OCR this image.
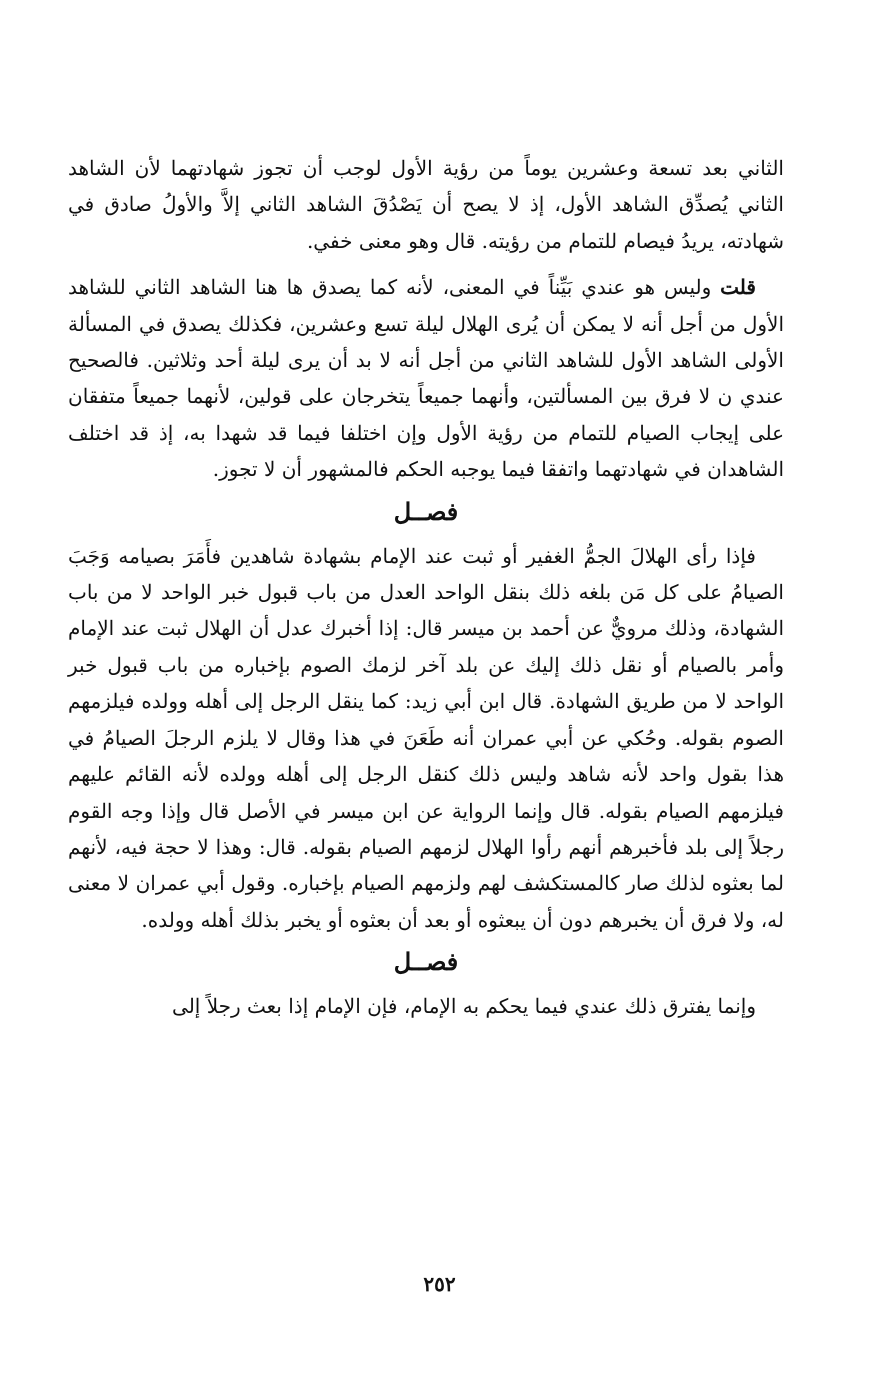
الثاني بعد تسعة وعشرين يوماً من رؤية الأول لوجب أن تجوز شهادتهما لأن الشاهد الثاني يُصدِّق الشاهد الأول، إذ لا يصح أن يَصْدُقَ الشاهد الثاني إلاَّ والأولُ صادق في شهادته، يريدُ فيصام للتمام من رؤيته. قال وهو معنى خفي.

قلت وليس هو عندي بَيِّناً في المعنى، لأنه كما يصدق ها هنا الشاهد الثاني للشاهد الأول من أجل أنه لا يمكن أن يُرى الهلال ليلة تسع وعشرين، فكذلك يصدق في المسألة الأولى الشاهد الأول للشاهد الثاني من أجل أنه لا بد أن يرى ليلة أحد وثلاثين. فالصحيح عندي ن لا فرق بين المسألتين، وأنهما جميعاً يتخرجان على قولين، لأنهما جميعاً متفقان على إيجاب الصيام للتمام من رؤية الأول وإن اختلفا فيما قد شهدا به، إذ قد اختلف الشاهدان في شهادتهما واتفقا فيما يوجبه الحكم فالمشهور أن لا تجوز.

فصــل

فإذا رأى الهلالَ الجمُّ الغفير أو ثبت عند الإمام بشهادة شاهدين فأَمَرَ بصيامه وَجَبَ الصيامُ على كل مَن بلغه ذلك بنقل الواحد العدل من باب قبول خبر الواحد لا من باب الشهادة، وذلك مرويٌّ عن أحمد بن ميسر قال: إذا أخبرك عدل أن الهلال ثبت عند الإمام وأمر بالصيام أو نقل ذلك إليك عن بلد آخر لزمك الصوم بإخباره من باب قبول خبر الواحد لا من طريق الشهادة. قال ابن أبي زيد: كما ينقل الرجل إلى أهله وولده فيلزمهم الصوم بقوله. وحُكي عن أبي عمران أنه طَعَنَ في هذا وقال لا يلزم الرجلَ الصيامُ في هذا بقول واحد لأنه شاهد وليس ذلك كنقل الرجل إلى أهله وولده لأنه القائم عليهم فيلزمهم الصيام بقوله. قال وإنما الرواية عن ابن ميسر في الأصل قال وإذا وجه القوم رجلاً إلى بلد فأخبرهم أنهم رأوا الهلال لزمهم الصيام بقوله. قال: وهذا لا حجة فيه، لأنهم لما بعثوه لذلك صار كالمستكشف لهم ولزمهم الصيام بإخباره. وقول أبي عمران لا معنى له، ولا فرق أن يخبرهم دون أن يبعثوه أو بعد أن بعثوه أو يخبر بذلك أهله وولده.

فصــل

وإنما يفترق ذلك عندي فيما يحكم به الإمام، فإن الإمام إذا بعث رجلاً إلى

٢٥٢
